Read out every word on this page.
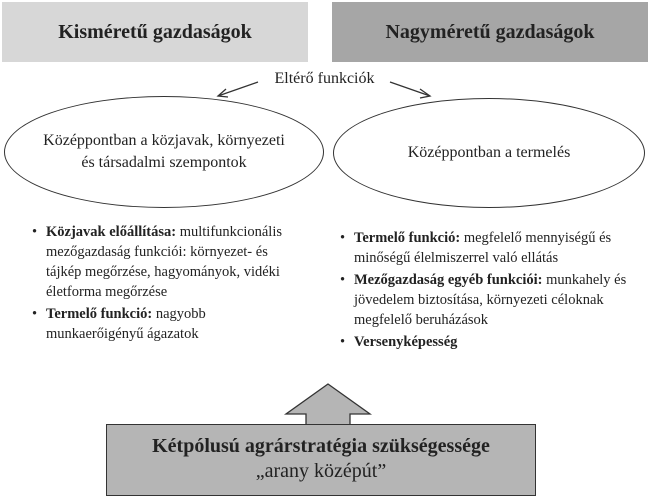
Kisméretű gazdaságok	Nagyméretű gazdaságok
Eltérő funkciók
Középpontban a közjavak, környezeti és társadalmi szempontok
Középpontban a termelés
• Közjavak előállítása: multifunkcionális mezőgazdaság funkciói: környezet- és tájkép megőrzése, hagyományok, vidéki életforma megőrzése
• Termelő funkció: nagyobb munkaerőigényű ágazatok
• Termelő funkció: megfelelő mennyiségű és minőségű élelmiszerrel való ellátás
• Mezőgazdaság egyéb funkciói: munkahely és jövedelem biztosítása, környezeti céloknak megfelelő beruházások
• Versenyképesség
Kétpólusú agrárstratégia szükségessége
„arany középút”
